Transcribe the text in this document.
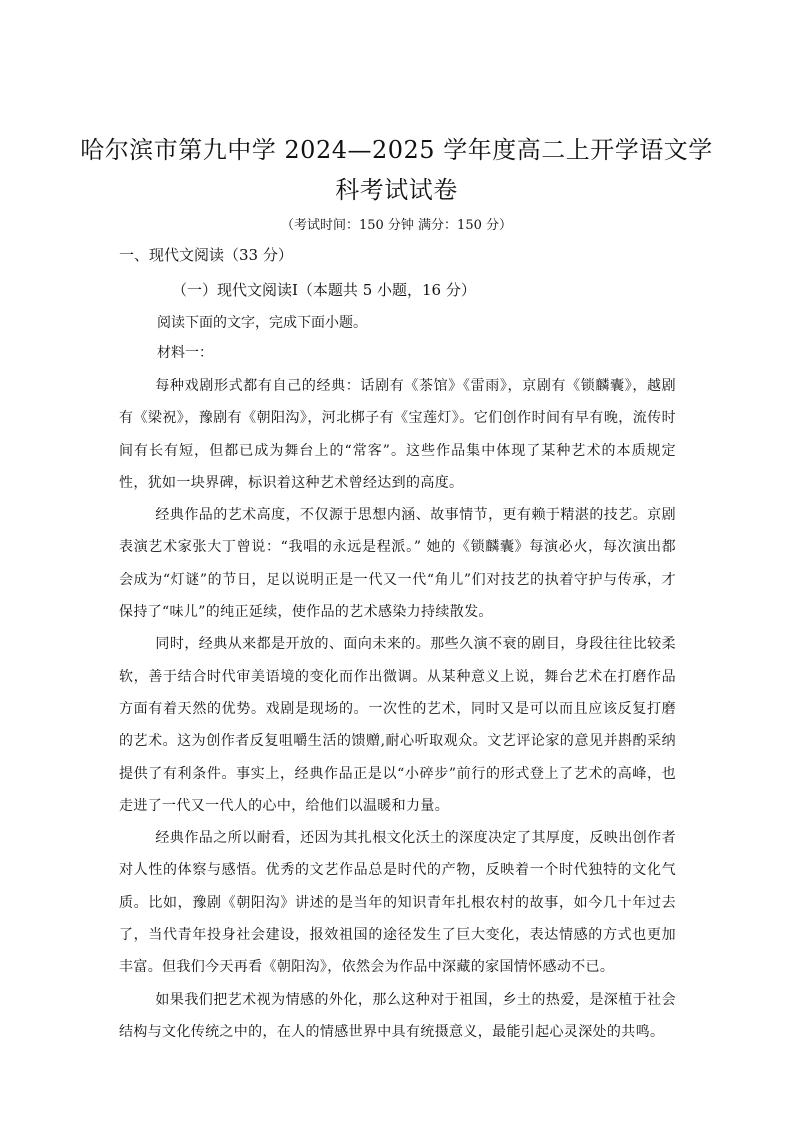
哈尔滨市第九中学 2024—2025 学年度高二上开学语文学
科考试试卷
（考试时间：150 分钟 满分：150 分）
一、现代文阅读（33 分）
（一）现代文阅读Ⅰ（本题共 5 小题，16 分）
阅读下面的文字，完成下面小题。
材料一：

每种戏剧形式都有自己的经典：话剧有《茶馆》《雷雨》，京剧有《锁麟囊》，越剧有《梁祝》，豫剧有《朝阳沟》，河北梆子有《宝莲灯》。它们创作时间有早有晚，流传时间有长有短，但都已成为舞台上的“常客”。这些作品集中体现了某种艺术的本质规定性，犹如一块界碑，标识着这种艺术曾经达到的高度。

经典作品的艺术高度，不仅源于思想内涵、故事情节，更有赖于精湛的技艺。京剧表演艺术家张大丁曾说：“我唱的永远是程派。” 她的《锁麟囊》每演必火，每次演出都会成为“灯谜”的节日，足以说明正是一代又一代“角儿”们对技艺的执着守护与传承，才保持了“味儿”的纯正延续，使作品的艺术感染力持续散发。

同时，经典从来都是开放的、面向未来的。那些久演不衰的剧目，身段往往比较柔软，善于结合时代审美语境的变化而作出微调。从某种意义上说，舞台艺术在打磨作品方面有着天然的优势。戏剧是现场的。一次性的艺术，同时又是可以而且应该反复打磨的艺术。这为创作者反复咀嚼生活的馈赠,耐心听取观众。文艺评论家的意见并斟酌采纳提供了有利条件。事实上，经典作品正是以“小碎步”前行的形式登上了艺术的高峰，也走进了一代又一代人的心中，给他们以温暖和力量。

经典作品之所以耐看，还因为其扎根文化沃土的深度决定了其厚度，反映出创作者对人性的体察与感悟。优秀的文艺作品总是时代的产物，反映着一个时代独特的文化气质。比如，豫剧《朝阳沟》讲述的是当年的知识青年扎根农村的故事，如今几十年过去了，当代青年投身社会建设，报效祖国的途径发生了巨大变化，表达情感的方式也更加丰富。但我们今天再看《朝阳沟》，依然会为作品中深藏的家国情怀感动不已。

如果我们把艺术视为情感的外化，那么这种对于祖国，乡土的热爱，是深植于社会结构与文化传统之中的，在人的情感世界中具有统摄意义，最能引起心灵深处的共鸣。
